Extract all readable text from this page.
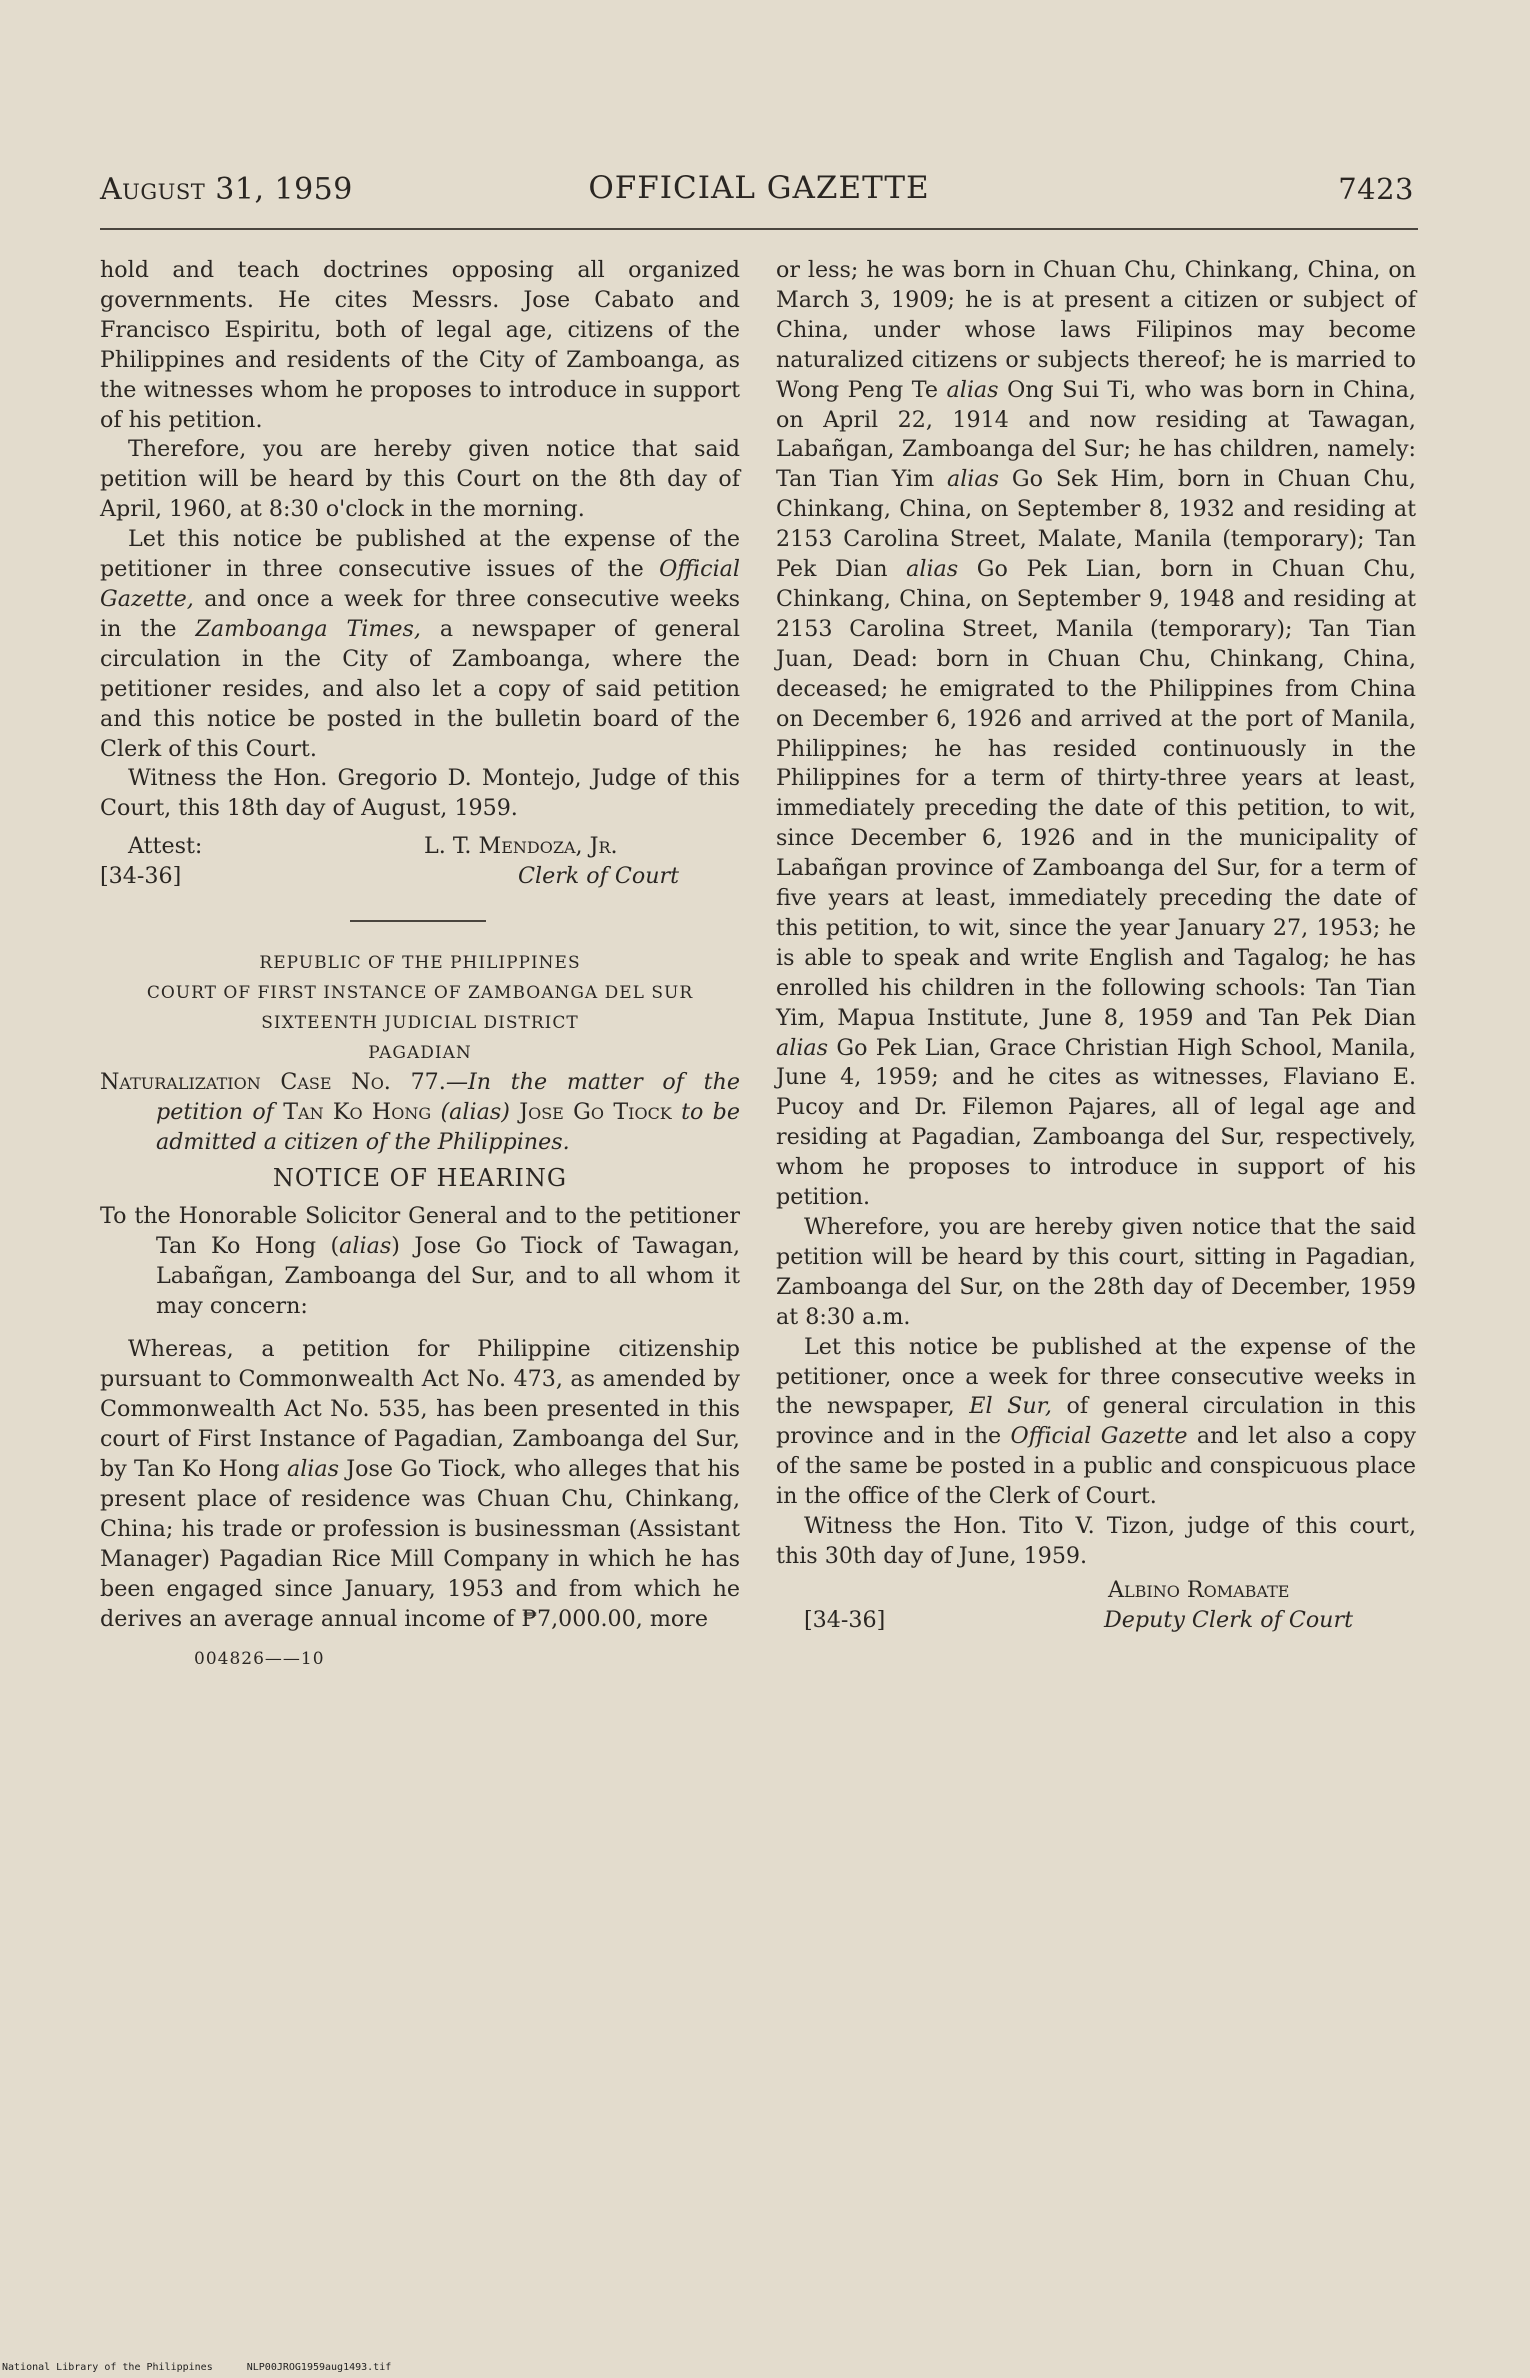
August 31, 1959	OFFICIAL GAZETTE	7423

hold and teach doctrines opposing all organized governments. He cites Messrs. Jose Cabato and Francisco Espiritu, both of legal age, citizens of the Philippines and residents of the City of Zamboanga, as the witnesses whom he proposes to introduce in support of his petition.

Therefore, you are hereby given notice that said petition will be heard by this Court on the 8th day of April, 1960, at 8:30 o'clock in the morning.

Let this notice be published at the expense of the petitioner in three consecutive issues of the Official Gazette, and once a week for three consecutive weeks in the Zamboanga Times, a newspaper of general circulation in the City of Zamboanga, where the petitioner resides, and also let a copy of said petition and this notice be posted in the bulletin board of the Clerk of this Court.

Witness the Hon. Gregorio D. Montejo, Judge of this Court, this 18th day of August, 1959.

Attest:
[34-36]
L. T. Mendoza, Jr.
Clerk of Court
REPUBLIC OF THE PHILIPPINES
COURT OF FIRST INSTANCE OF ZAMBOANGA DEL SUR
SIXTEENTH JUDICIAL DISTRICT
PAGADIAN

Naturalization Case No. 77.—In the matter of the petition of Tan Ko Hong (alias) Jose Go Tiock to be admitted a citizen of the Philippines.

NOTICE OF HEARING

To the Honorable Solicitor General and to the petitioner Tan Ko Hong (alias) Jose Go Tiock of Tawagan, Labañgan, Zamboanga del Sur, and to all whom it may concern:

Whereas, a petition for Philippine citizenship pursuant to Commonwealth Act No. 473, as amended by Commonwealth Act No. 535, has been presented in this court of First Instance of Pagadian, Zamboanga del Sur, by Tan Ko Hong alias Jose Go Tiock, who alleges that his present place of residence was Chuan Chu, Chinkang, China; his trade or profession is businessman (Assistant Manager) Pagadian Rice Mill Company in which he has been engaged since January, 1953 and from which he derives an average annual income of ₱7,000.00, more

004826——10

or less; he was born in Chuan Chu, Chinkang, China, on March 3, 1909; he is at present a citizen or subject of China, under whose laws Filipinos may become naturalized citizens or subjects thereof; he is married to Wong Peng Te alias Ong Sui Ti, who was born in China, on April 22, 1914 and now residing at Tawagan, Labañgan, Zamboanga del Sur; he has children, namely: Tan Tian Yim alias Go Sek Him, born in Chuan Chu, Chinkang, China, on September 8, 1932 and residing at 2153 Carolina Street, Malate, Manila (temporary); Tan Pek Dian alias Go Pek Lian, born in Chuan Chu, Chinkang, China, on September 9, 1948 and residing at 2153 Carolina Street, Manila (temporary); Tan Tian Juan, Dead: born in Chuan Chu, Chinkang, China, deceased; he emigrated to the Philippines from China on December 6, 1926 and arrived at the port of Manila, Philippines; he has resided continuously in the Philippines for a term of thirty-three years at least, immediately preceding the date of this petition, to wit, since December 6, 1926 and in the municipality of Labañgan province of Zamboanga del Sur, for a term of five years at least, immediately preceding the date of this petition, to wit, since the year January 27, 1953; he is able to speak and write English and Tagalog; he has enrolled his children in the following schools: Tan Tian Yim, Mapua Institute, June 8, 1959 and Tan Pek Dian alias Go Pek Lian, Grace Christian High School, Manila, June 4, 1959; and he cites as witnesses, Flaviano E. Pucoy and Dr. Filemon Pajares, all of legal age and residing at Pagadian, Zamboanga del Sur, respectively, whom he proposes to introduce in support of his petition.

Wherefore, you are hereby given notice that the said petition will be heard by this court, sitting in Pagadian, Zamboanga del Sur, on the 28th day of December, 1959 at 8:30 a.m.

Let this notice be published at the expense of the petitioner, once a week for three consecutive weeks in the newspaper, El Sur, of general circulation in this province and in the Official Gazette and let also a copy of the same be posted in a public and conspicuous place in the office of the Clerk of Court.

Witness the Hon. Tito V. Tizon, judge of this court, this 30th day of June, 1959.

Albino Romabate
[34-36]	Deputy Clerk of Court
National Library of the Philippines	NLP00JROG1959aug1493.tif
